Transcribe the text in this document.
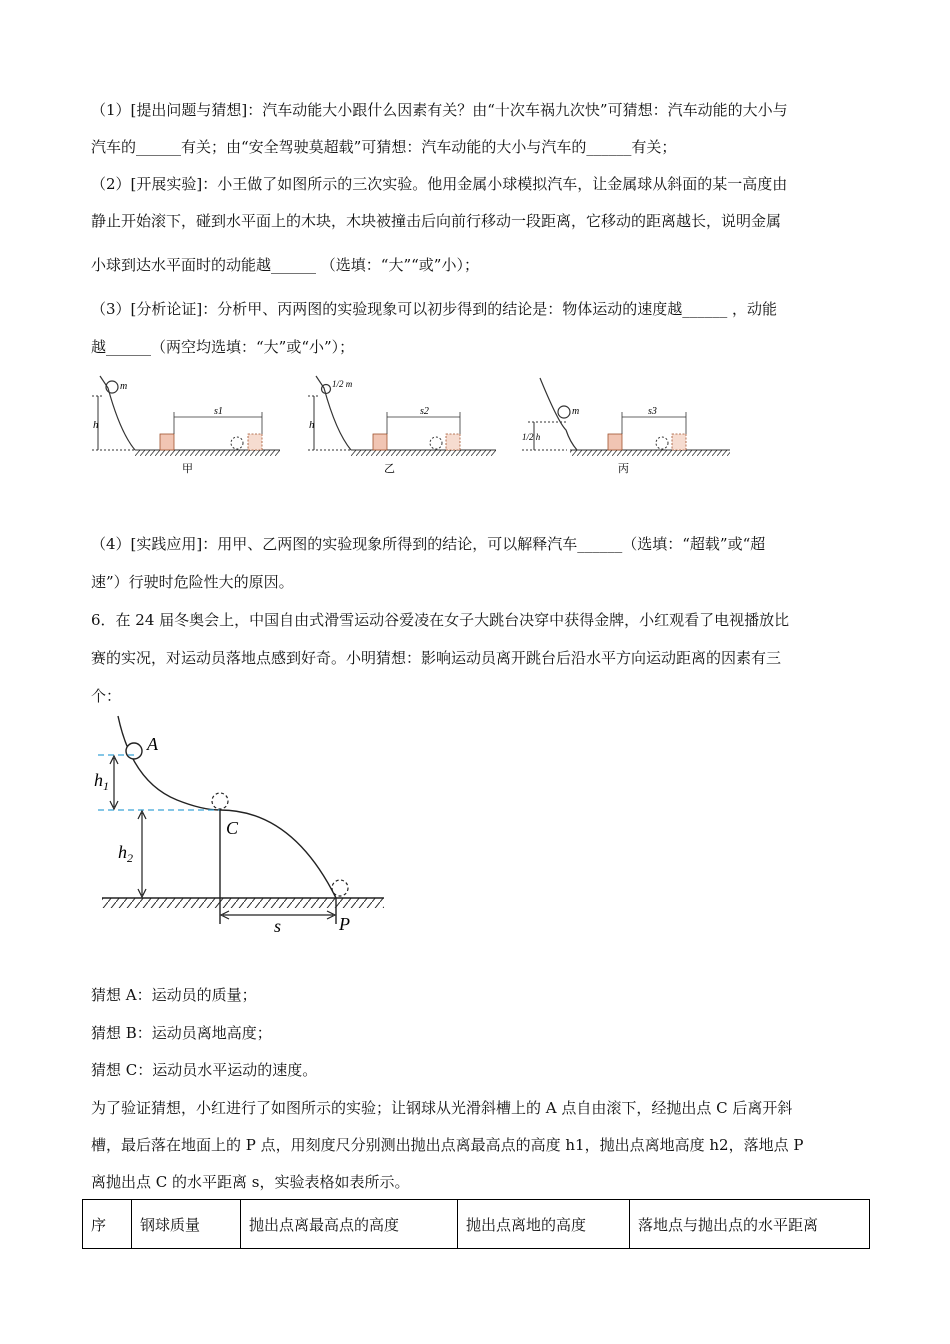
（1）[提出问题与猜想]：汽车动能大小跟什么因素有关？由“十次车祸九次快”可猜想：汽车动能的大小与
汽车的______有关；由“安全驾驶莫超载”可猜想：汽车动能的大小与汽车的______有关；
（2）[开展实验]：小王做了如图所示的三次实验。他用金属小球模拟汽车，让金属球从斜面的某一高度由
静止开始滚下，碰到水平面上的木块，木块被撞击后向前行移动一段距离，它移动的距离越长，说明金属
小球到达水平面时的动能越______ （选填：“大”“或”小）；
（3）[分析论证]：分析甲、丙两图的实验现象可以初步得到的结论是：物体运动的速度越______ ，动能
越______（两空均选填：“大”或“小”）；
h
m
s1
甲
h
1/2 m
s2
乙
1/2 h
m	s3
丙
（4）[实践应用]：用甲、乙两图的实验现象所得到的结论，可以解释汽车______（选填：“超载”或“超
速”）行驶时危险性大的原因。
6．在 24 届冬奥会上，中国自由式滑雪运动谷爱凌在女子大跳台决穿中获得金牌，小红观看了电视播放比
赛的实况，对运动员落地点感到好奇。小明猜想：影响运动员离开跳台后沿水平方向运动距离的因素有三
个：
A
$h_1$
$h_2$
C
P
s
猜想 A：运动员的质量；
猜想 B：运动员离地高度；
猜想 C：运动员水平运动的速度。
为了验证猜想，小红进行了如图所示的实验；让钢球从光滑斜槽上的 A 点自由滚下，经抛出点 C 后离开斜
槽，最后落在地面上的 P 点，用刻度尺分别测出抛出点离最高点的高度 h1，抛出点离地高度 h2，落地点 P
离抛出点 C 的水平距离 s，实验表格如表所示。
序	钢球质量	抛出点离最高点的高度	抛出点离地的高度	落地点与抛出点的水平距离
